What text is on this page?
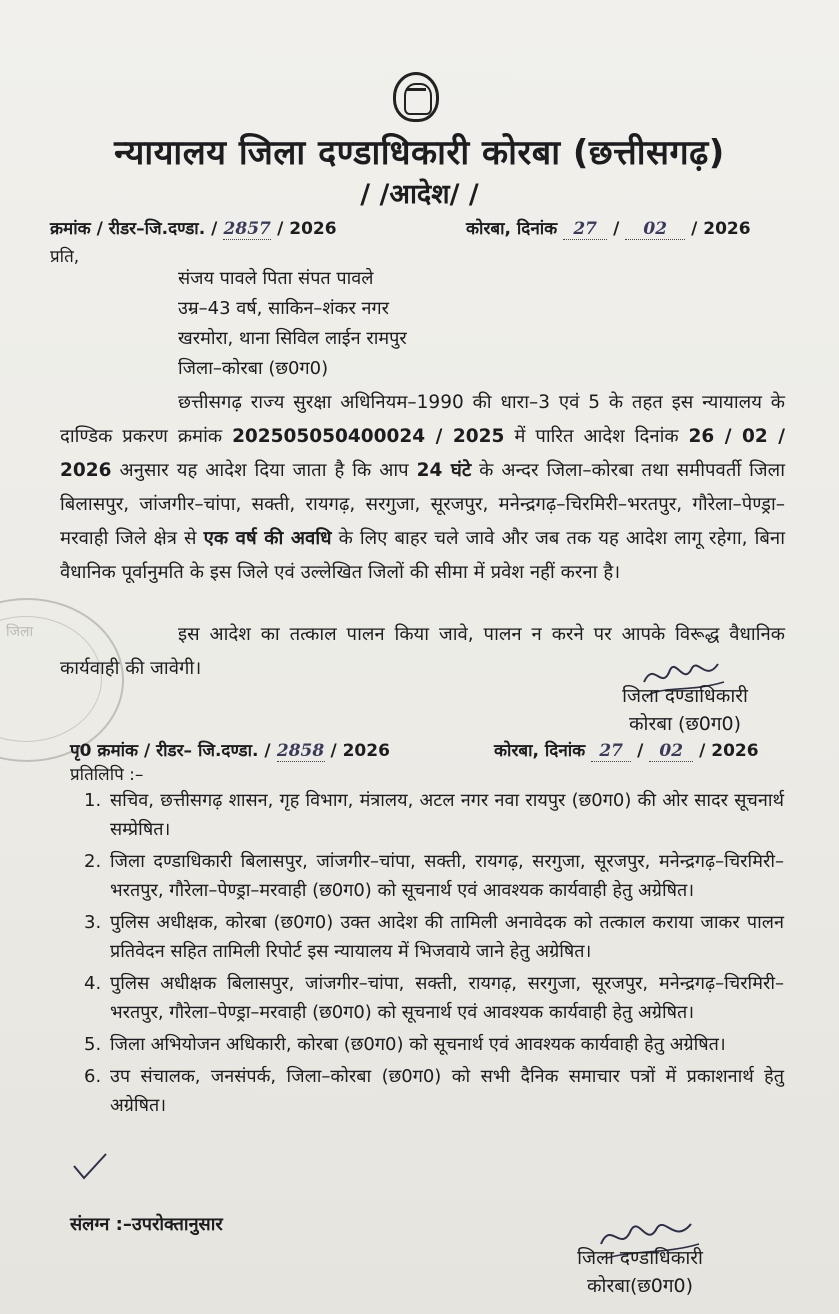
जिला
न्यायालय जिला दण्डाधिकारी कोरबा (छत्तीसगढ़)
/ /आदेश/ /
क्रमांक / रीडर–जि.दण्डा. / 2857 / 2026	कोरबा, दिनांक 27 / 02 / 2026
प्रति,
संजय पावले पिता संपत पावले
उम्र–43 वर्ष, साकिन–शंकर नगर
खरमोरा, थाना सिविल लाईन रामपुर
जिला–कोरबा (छ0ग0)
छत्तीसगढ़ राज्य सुरक्षा अधिनियम–1990 की धारा–3 एवं 5 के तहत इस न्यायालय के दाण्डिक प्रकरण क्रमांक 202505050400024 / 2025 में पारित आदेश दिनांक 26 / 02 / 2026 अनुसार यह आदेश दिया जाता है कि आप 24 घंटे के अन्दर जिला–कोरबा तथा समीपवर्ती जिला बिलासपुर, जांजगीर–चांपा, सक्ती, रायगढ़, सरगुजा, सूरजपुर, मनेन्द्रगढ़–चिरमिरी–भरतपुर, गौरेला–पेण्ड्रा–मरवाही जिले क्षेत्र से एक वर्ष की अवधि के लिए बाहर चले जावे और जब तक यह आदेश लागू रहेगा, बिना वैधानिक पूर्वानुमति के इस जिले एवं उल्लेखित जिलों की सीमा में प्रवेश नहीं करना है।
इस आदेश का तत्काल पालन किया जावे, पालन न करने पर आपके विरूद्ध वैधानिक कार्यवाही की जावेगी।
जिला दण्डाधिकारी
कोरबा (छ0ग0)
पृ0 क्रमांक / रीडर– जि.दण्डा. / 2858 / 2026	कोरबा, दिनांक 27 / 02 / 2026
प्रतिलिपि :–
1. सचिव, छत्तीसगढ़ शासन, गृह विभाग, मंत्रालय, अटल नगर नवा रायपुर (छ0ग0) की ओर सादर सूचनार्थ सम्प्रेषित।
2. जिला दण्डाधिकारी बिलासपुर, जांजगीर–चांपा, सक्ती, रायगढ़, सरगुजा, सूरजपुर, मनेन्द्रगढ़–चिरमिरी–भरतपुर, गौरेला–पेण्ड्रा–मरवाही (छ0ग0) को सूचनार्थ एवं आवश्यक कार्यवाही हेतु अग्रेषित।
3. पुलिस अधीक्षक, कोरबा (छ0ग0) उक्त आदेश की तामिली अनावेदक को तत्काल कराया जाकर पालन प्रतिवेदन सहित तामिली रिपोर्ट इस न्यायालय में भिजवाये जाने हेतु अग्रेषित।
4. पुलिस अधीक्षक बिलासपुर, जांजगीर–चांपा, सक्ती, रायगढ़, सरगुजा, सूरजपुर, मनेन्द्रगढ़–चिरमिरी–भरतपुर, गौरेला–पेण्ड्रा–मरवाही (छ0ग0) को सूचनार्थ एवं आवश्यक कार्यवाही हेतु अग्रेषित।
5. जिला अभियोजन अधिकारी, कोरबा (छ0ग0) को सूचनार्थ एवं आवश्यक कार्यवाही हेतु अग्रेषित।
6. उप संचालक, जनसंपर्क, जिला–कोरबा (छ0ग0) को सभी दैनिक समाचार पत्रों में प्रकाशनार्थ हेतु अग्रेषित।
संलग्न :–उपरोक्तानुसार
जिला दण्डाधिकारी
कोरबा(छ0ग0)
